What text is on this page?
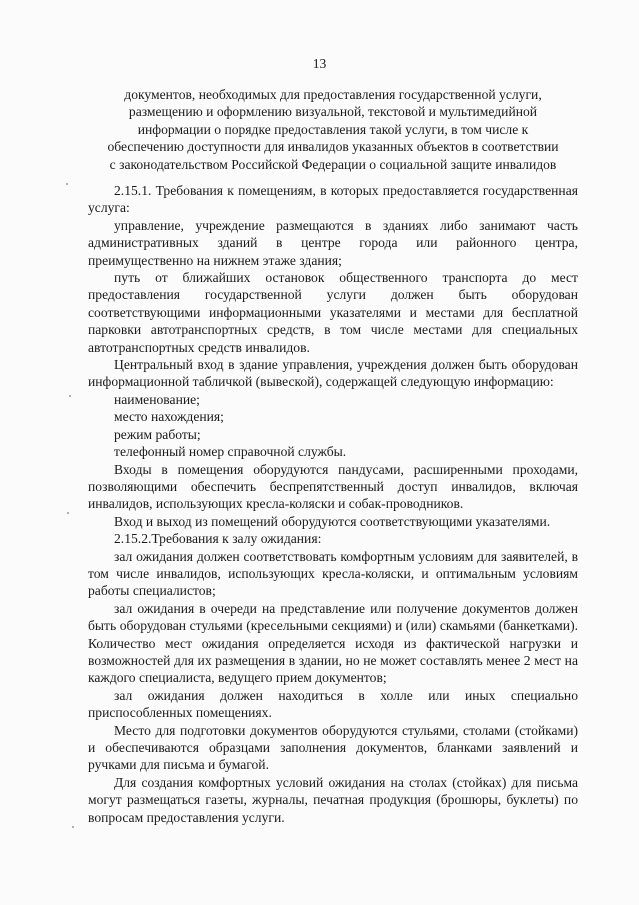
13
документов, необходимых для предоставления государственной услуги,
размещению и оформлению визуальной, текстовой и мультимедийной
информации о порядке предоставления такой услуги, в том числе к
обеспечению доступности для инвалидов указанных объектов в соответствии
с законодательством Российской Федерации о социальной защите инвалидов

2.15.1. Требования к помещениям, в которых предоставляется государственная услуга:

управление, учреждение размещаются в зданиях либо занимают часть административных зданий в центре города или районного центра, преимущественно на нижнем этаже здания;

путь от ближайших остановок общественного транспорта до мест предоставления государственной услуги должен быть оборудован соответствующими информационными указателями и местами для бесплатной парковки автотранспортных средств, в том числе местами для специальных автотранспортных средств инвалидов.

Центральный вход в здание управления, учреждения должен быть оборудован информационной табличкой (вывеской), содержащей следующую информацию:

наименование;

место нахождения;

режим работы;

телефонный номер справочной службы.

Входы в помещения оборудуются пандусами, расширенными проходами, позволяющими обеспечить беспрепятственный доступ инвалидов, включая инвалидов, использующих кресла-коляски и собак-проводников.

Вход и выход из помещений оборудуются соответствующими указателями.

2.15.2.Требования к залу ожидания:

зал ожидания должен соответствовать комфортным условиям для заявителей, в том числе инвалидов, использующих кресла-коляски, и оптимальным условиям работы специалистов;

зал ожидания в очереди на представление или получение документов должен быть оборудован стульями (кресельными секциями) и (или) скамьями (банкетками). Количество мест ожидания определяется исходя из фактической нагрузки и возможностей для их размещения в здании, но не может составлять менее 2 мест на каждого специалиста, ведущего прием документов;

зал ожидания должен находиться в холле или иных специально приспособленных помещениях.

Место для подготовки документов оборудуются стульями, столами (стойками) и обеспечиваются образцами заполнения документов, бланками заявлений и ручками для письма и бумагой.

Для создания комфортных условий ожидания на столах (стойках) для письма могут размещаться газеты, журналы, печатная продукция (брошюры, буклеты) по вопросам предоставления услуги.
